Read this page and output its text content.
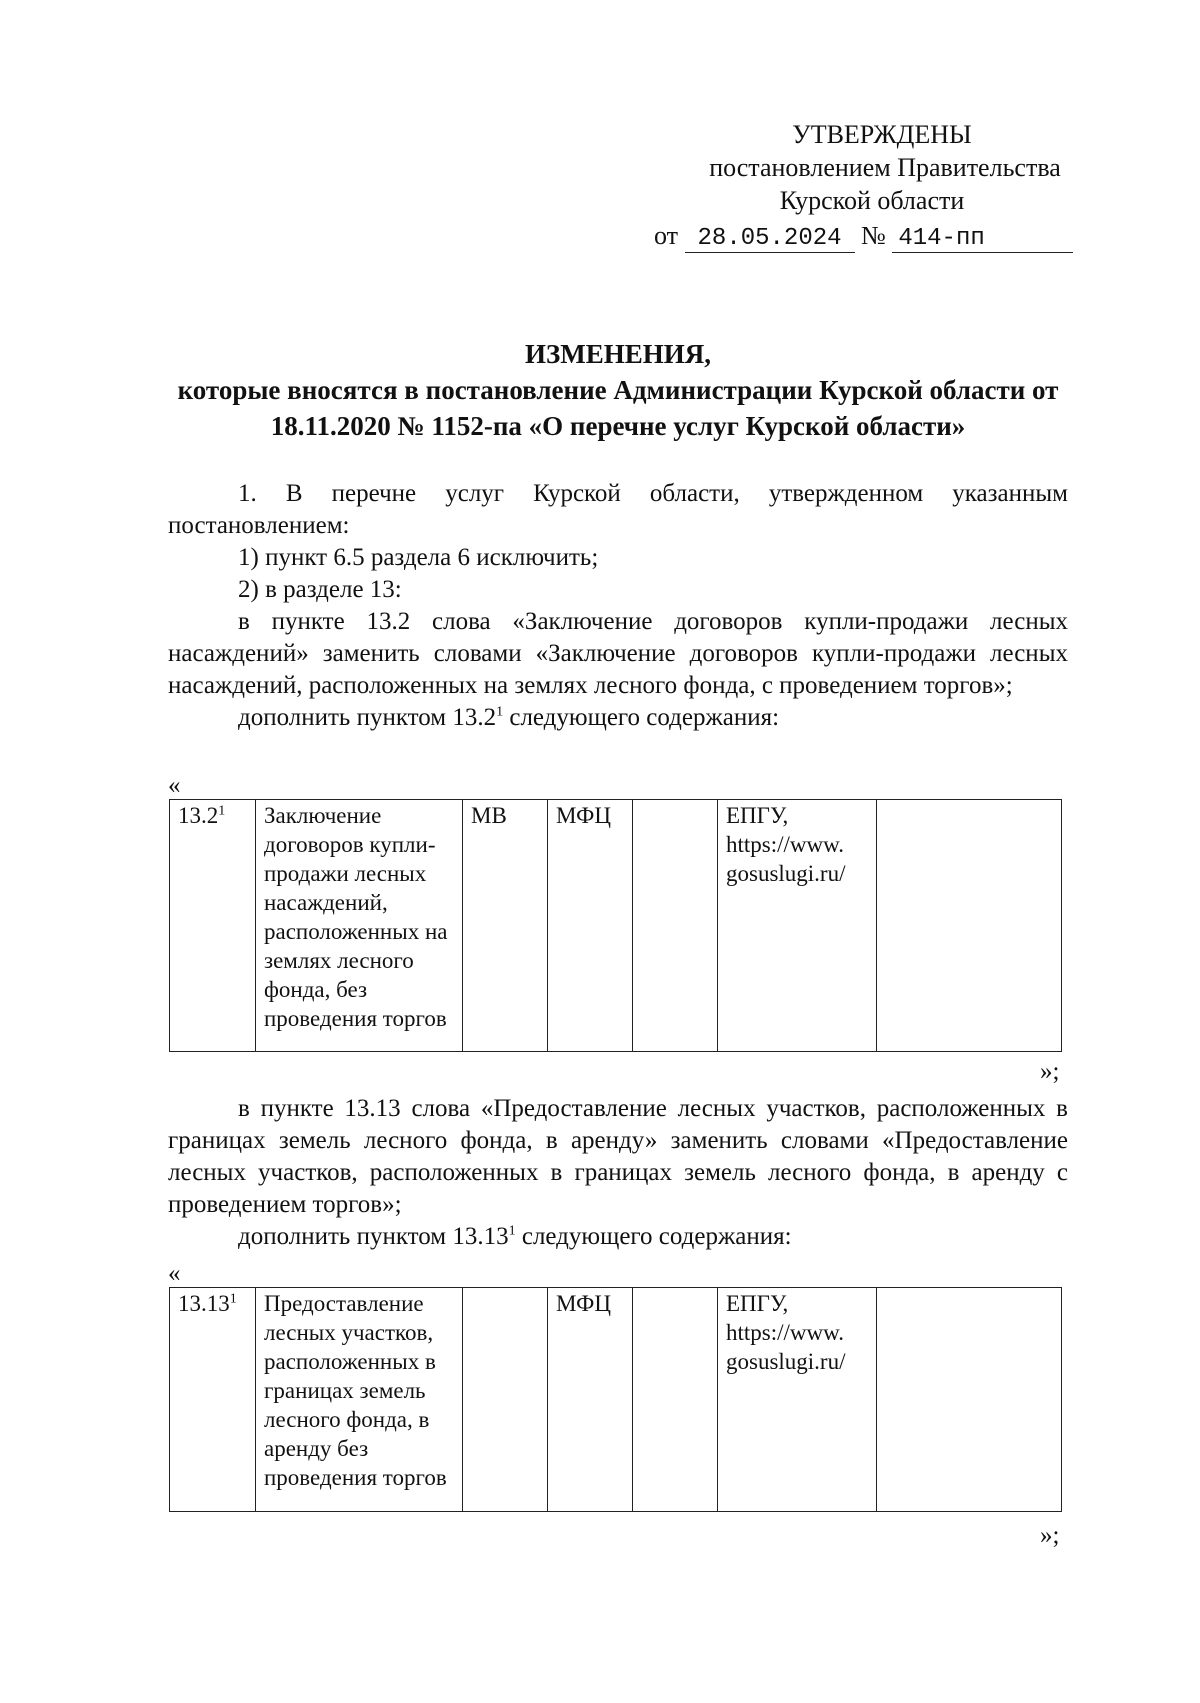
УТВЕРЖДЕНЫ
постановлением Правительства
Курской области
от 28.05.2024 № 414-пп
ИЗМЕНЕНИЯ,
которые вносятся в постановление Администрации Курской области от
18.11.2020 № 1152-па «О перечне услуг Курской области»

1. В перечне услуг Курской области, утвержденном указанным постановлением:

1) пункт 6.5 раздела 6 исключить;

2) в разделе 13:

в пункте 13.2 слова «Заключение договоров купли-продажи лесных насаждений» заменить словами «Заключение договоров купли-продажи лесных насаждений, расположенных на землях лесного фонда, с проведением торгов»;

дополнить пунктом 13.2$^1$ следующего содержания:

«
13.2$^1$	Заключение договоров купли-продажи лесных насаждений, расположенных на землях лесного фонда, без проведения торгов	МВ	МФЦ		ЕПГУ, https://www. gosuslugi.ru/	
»;

в пункте 13.13 слова «Предоставление лесных участков, расположенных в границах земель лесного фонда, в аренду» заменить словами «Предоставление лесных участков, расположенных в границах земель лесного фонда, в аренду с проведением торгов»;

дополнить пунктом 13.13$^1$ следующего содержания:

«
13.13$^1$	Предоставление лесных участков, расположенных в границах земель лесного фонда, в аренду без проведения торгов		МФЦ		ЕПГУ, https://www. gosuslugi.ru/	
»;
